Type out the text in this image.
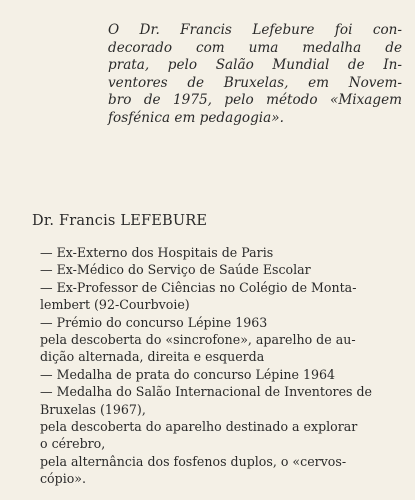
O Dr. Francis Lefebure foi con-
decorado com uma medalha de
prata, pelo Salão Mundial de In-
ventores de Bruxelas, em Novem-
bro de 1975, pelo método «Mixagem
fosfénica em pedagogia».
Dr. Francis LEFEBURE
— Ex-Externo dos Hospitais de Paris
— Ex-Médico do Serviço de Saúde Escolar
— Ex-Professor de Ciências no Colégio de Monta-
lembert (92-Courbvoie)
— Prémio do concurso Lépine 1963
pela descoberta do «sincrofone», aparelho de au-
dição alternada, direita e esquerda
— Medalha de prata do concurso Lépine 1964
— Medalha do Salão Internacional de Inventores de
Bruxelas (1967),
pela descoberta do aparelho destinado a explorar
o cérebro,
pela alternância dos fosfenos duplos, o «cervos-
cópio».
